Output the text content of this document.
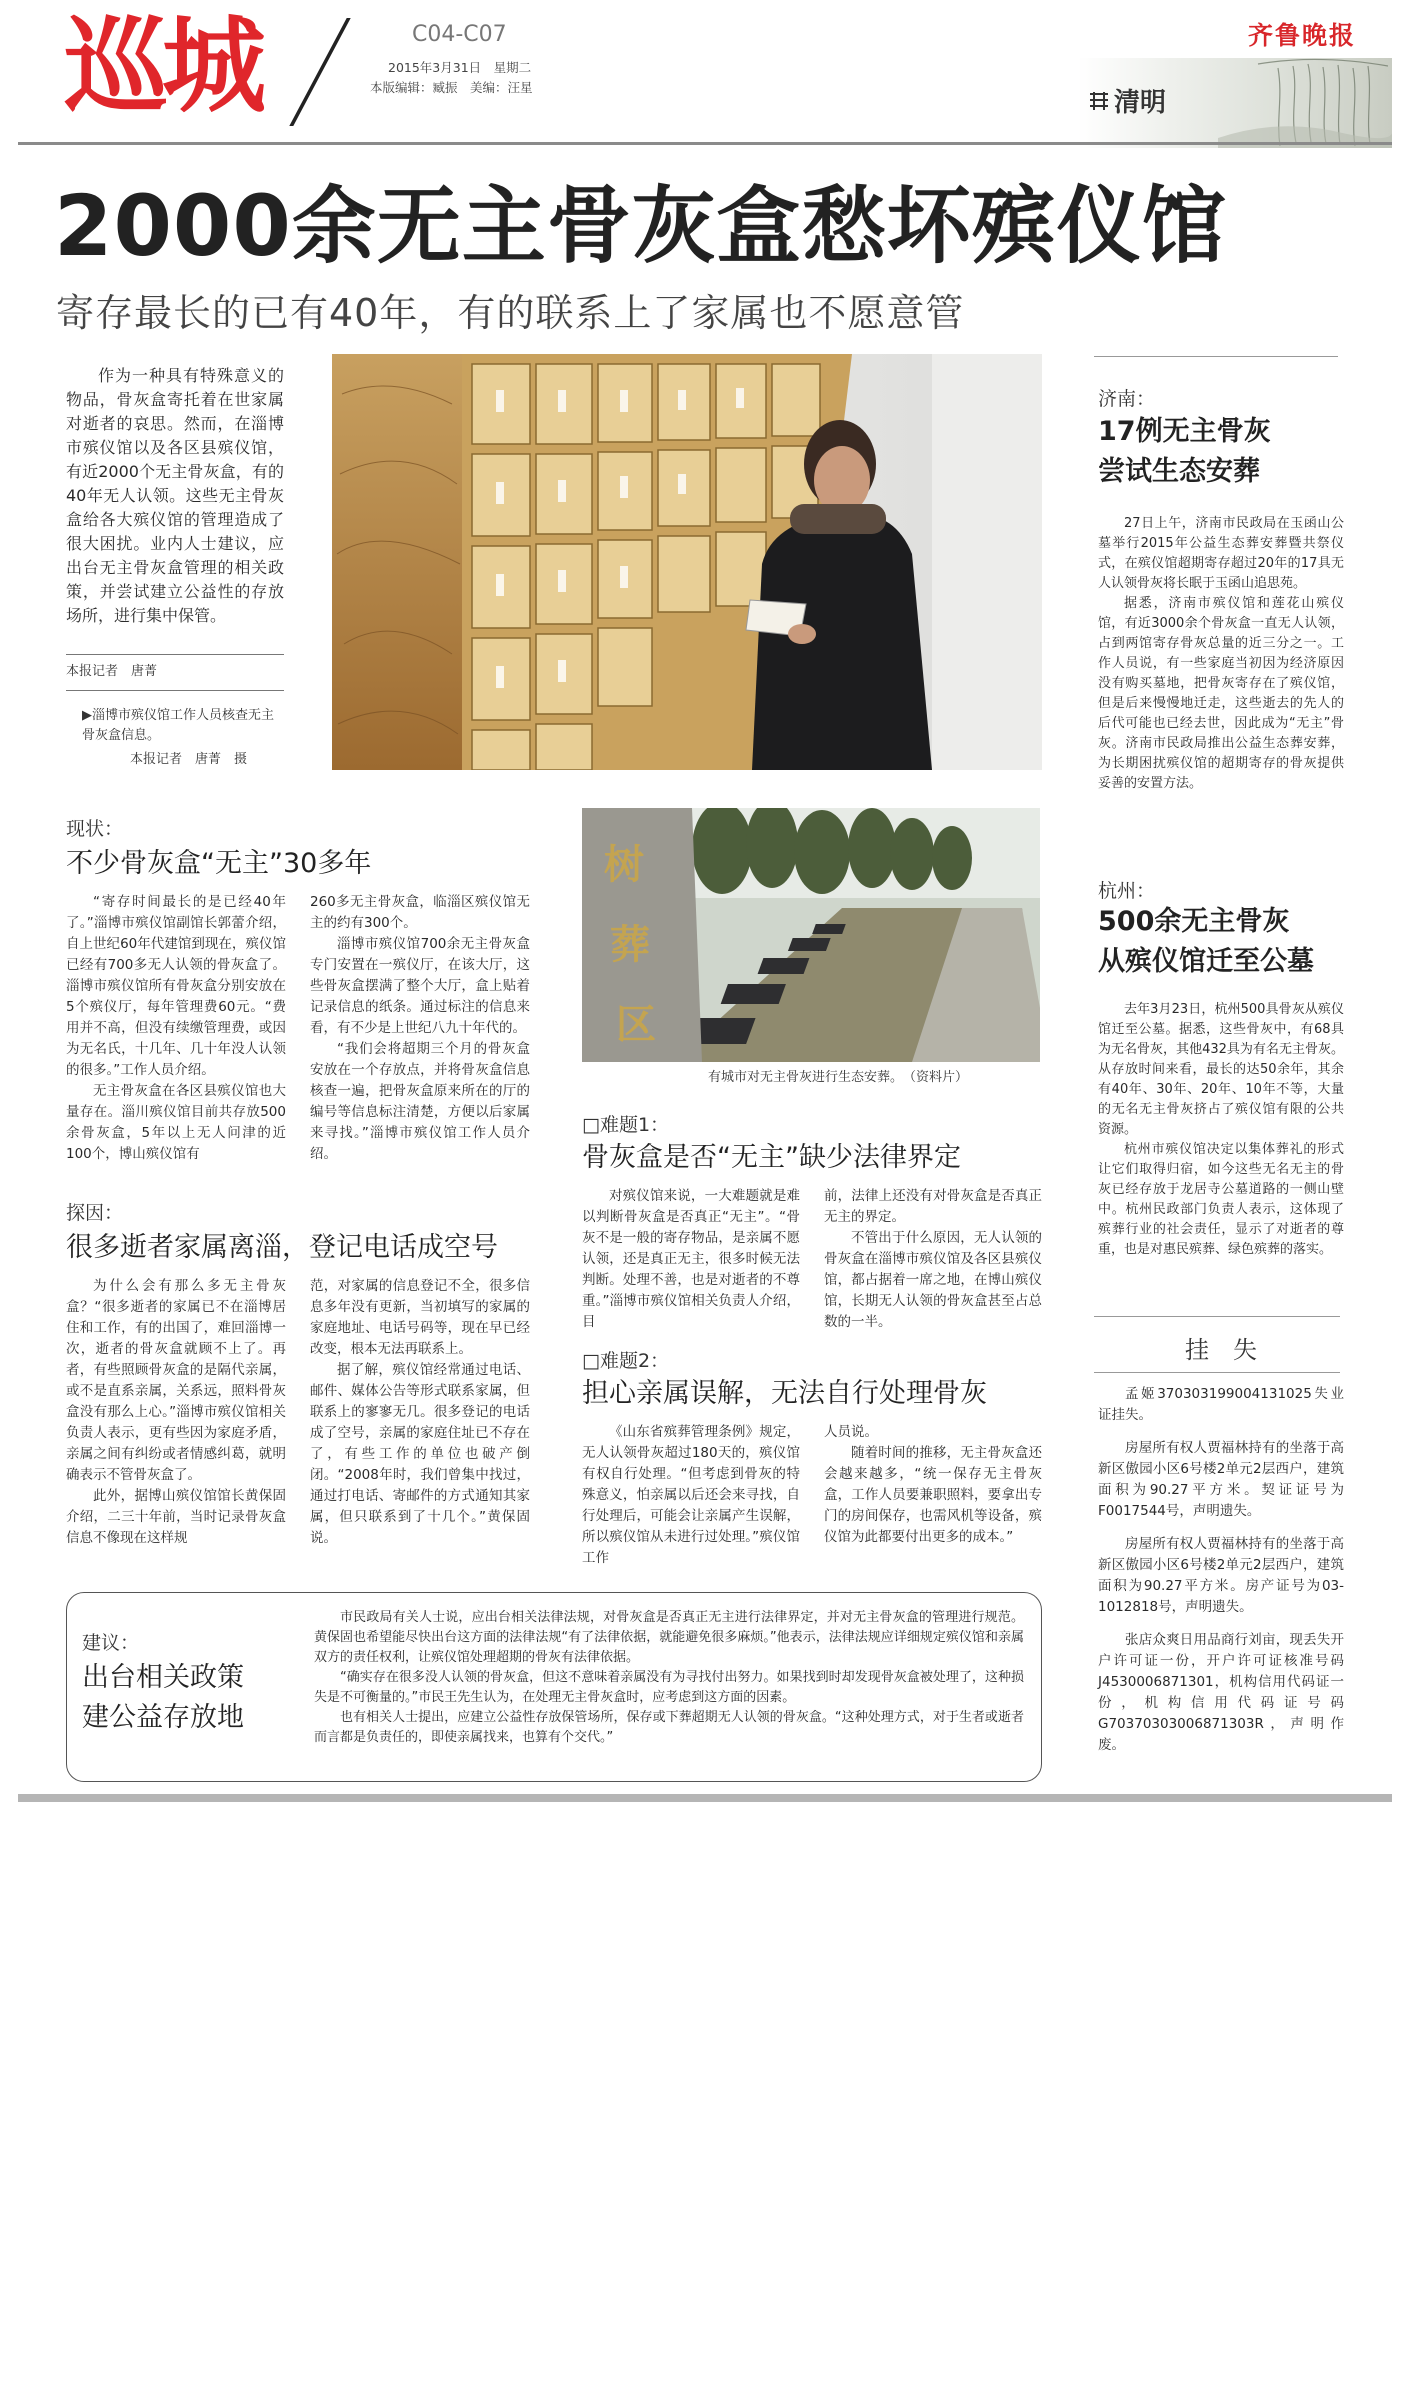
巡城	C04-C07
2015年3月31日　星期二
本版编辑：臧振　美编：汪星
齐鲁晚报
清明
2000余无主骨灰盒愁坏殡仪馆
寄存最长的已有40年，有的联系上了家属也不愿意管

作为一种具有特殊意义的物品，骨灰盒寄托着在世家属对逝者的哀思。然而，在淄博市殡仪馆以及各区县殡仪馆，有近2000个无主骨灰盒，有的40年无人认领。这些无主骨灰盒给各大殡仪馆的管理造成了很大困扰。业内人士建议，应出台无主骨灰盒管理的相关政策，并尝试建立公益性的存放场所，进行集中保管。

本报记者　唐菁
▶淄博市殡仪馆工作人员核查无主骨灰盒信息。
本报记者　唐菁　摄
现状：
不少骨灰盒“无主”30多年

“寄存时间最长的是已经40年了。”淄博市殡仪馆副馆长郭蕾介绍，自上世纪60年代建馆到现在，殡仪馆已经有700多无人认领的骨灰盒了。淄博市殡仪馆所有骨灰盒分别安放在5个殡仪厅，每年管理费60元。“费用并不高，但没有续缴管理费，或因为无名氏，十几年、几十年没人认领的很多。”工作人员介绍。

无主骨灰盒在各区县殡仪馆也大量存在。淄川殡仪馆目前共存放500余骨灰盒，5年以上无人问津的近100个，博山殡仪馆有

260多无主骨灰盒，临淄区殡仪馆无主的约有300个。

淄博市殡仪馆700余无主骨灰盒专门安置在一殡仪厅，在该大厅，这些骨灰盒摆满了整个大厅，盒上贴着记录信息的纸条。通过标注的信息来看，有不少是上世纪八九十年代的。

“我们会将超期三个月的骨灰盒安放在一个存放点，并将骨灰盒信息核查一遍，把骨灰盒原来所在的厅的编号等信息标注清楚，方便以后家属来寻找。”淄博市殡仪馆工作人员介绍。

探因：
很多逝者家属离淄，登记电话成空号

为什么会有那么多无主骨灰盒？“很多逝者的家属已不在淄博居住和工作，有的出国了，难回淄博一次，逝者的骨灰盒就顾不上了。再者，有些照顾骨灰盒的是隔代亲属，或不是直系亲属，关系远，照料骨灰盒没有那么上心。”淄博市殡仪馆相关负责人表示，更有些因为家庭矛盾，亲属之间有纠纷或者情感纠葛，就明确表示不管骨灰盒了。

此外，据博山殡仪馆馆长黄保固介绍，二三十年前，当时记录骨灰盒信息不像现在这样规

范，对家属的信息登记不全，很多信息多年没有更新，当初填写的家属的家庭地址、电话号码等，现在早已经改变，根本无法再联系上。

据了解，殡仪馆经常通过电话、邮件、媒体公告等形式联系家属，但联系上的寥寥无几。很多登记的电话成了空号，亲属的家庭住址已不存在了，有些工作的单位也破产倒闭。“2008年时，我们曾集中找过，通过打电话、寄邮件的方式通知其家属，但只联系到了十几个。”黄保固说。

树
葬
区
有城市对无主骨灰进行生态安葬。　（资料片）
□难题1：
骨灰盒是否“无主”缺少法律界定

对殡仪馆来说，一大难题就是难以判断骨灰盒是否真正“无主”。“骨灰不是一般的寄存物品，是亲属不愿认领，还是真正无主，很多时候无法判断。处理不善，也是对逝者的不尊重。”淄博市殡仪馆相关负责人介绍，目

前，法律上还没有对骨灰盒是否真正无主的界定。

不管出于什么原因，无人认领的骨灰盒在淄博市殡仪馆及各区县殡仪馆，都占据着一席之地，在博山殡仪馆，长期无人认领的骨灰盒甚至占总数的一半。

□难题2：
担心亲属误解，无法自行处理骨灰

《山东省殡葬管理条例》规定，无人认领骨灰超过180天的，殡仪馆有权自行处理。“但考虑到骨灰的特殊意义，怕亲属以后还会来寻找，自行处理后，可能会让亲属产生误解，所以殡仪馆从未进行过处理。”殡仪馆工作

人员说。

随着时间的推移，无主骨灰盒还会越来越多，“统一保存无主骨灰盒，工作人员要兼职照料，要拿出专门的房间保存，也需风机等设备，殡仪馆为此都要付出更多的成本。”

建议：
出台相关政策
建公益存放地

市民政局有关人士说，应出台相关法律法规，对骨灰盒是否真正无主进行法律界定，并对无主骨灰盒的管理进行规范。黄保固也希望能尽快出台这方面的法律法规“有了法律依据，就能避免很多麻烦。”他表示，法律法规应详细规定殡仪馆和亲属双方的责任权利，让殡仪馆处理超期的骨灰有法律依据。

“确实存在很多没人认领的骨灰盒，但这不意味着亲属没有为寻找付出努力。如果找到时却发现骨灰盒被处理了，这种损失是不可衡量的。”市民王先生认为，在处理无主骨灰盒时，应考虑到这方面的因素。

也有相关人士提出，应建立公益性存放保管场所，保存或下葬超期无人认领的骨灰盒。“这种处理方式，对于生者或逝者而言都是负责任的，即使亲属找来，也算有个交代。”

济南：
17例无主骨灰
尝试生态安葬

27日上午，济南市民政局在玉函山公墓举行2015年公益生态葬安葬暨共祭仪式，在殡仪馆超期寄存超过20年的17具无人认领骨灰将长眠于玉函山追思苑。

据悉，济南市殡仪馆和莲花山殡仪馆，有近3000余个骨灰盒一直无人认领，占到两馆寄存骨灰总量的近三分之一。工作人员说，有一些家庭当初因为经济原因没有购买墓地，把骨灰寄存在了殡仪馆，但是后来慢慢地迁走，这些逝去的先人的后代可能也已经去世，因此成为“无主”骨灰。济南市民政局推出公益生态葬安葬，为长期困扰殡仪馆的超期寄存的骨灰提供妥善的安置方法。

杭州：
500余无主骨灰
从殡仪馆迁至公墓

去年3月23日，杭州500具骨灰从殡仪馆迁至公墓。据悉，这些骨灰中，有68具为无名骨灰，其他432具为有名无主骨灰。从存放时间来看，最长的达50余年，其余有40年、30年、20年、10年不等，大量的无名无主骨灰挤占了殡仪馆有限的公共资源。

杭州市殡仪馆决定以集体葬礼的形式让它们取得归宿，如今这些无名无主的骨灰已经存放于龙居寺公墓道路的一侧山壁中。杭州民政部门负责人表示，这体现了殡葬行业的社会责任，显示了对逝者的尊重，也是对惠民殡葬、绿色殡葬的落实。

挂　失

孟姬370303199004131025失业证挂失。

房屋所有权人贾福林持有的坐落于高新区傲园小区6号楼2单元2层西户，建筑面积为90.27平方米。契证证号为F0017544号，声明遗失。

房屋所有权人贾福林持有的坐落于高新区傲园小区6号楼2单元2层西户，建筑面积为90.27平方米。房产证号为03-1012818号，声明遗失。

张店众爽日用品商行刘亩，现丢失开户许可证一份，开户许可证核准号码J4530006871301，机构信用代码证一份，机构信用代码证号码G70370303006871303R，声明作废。
